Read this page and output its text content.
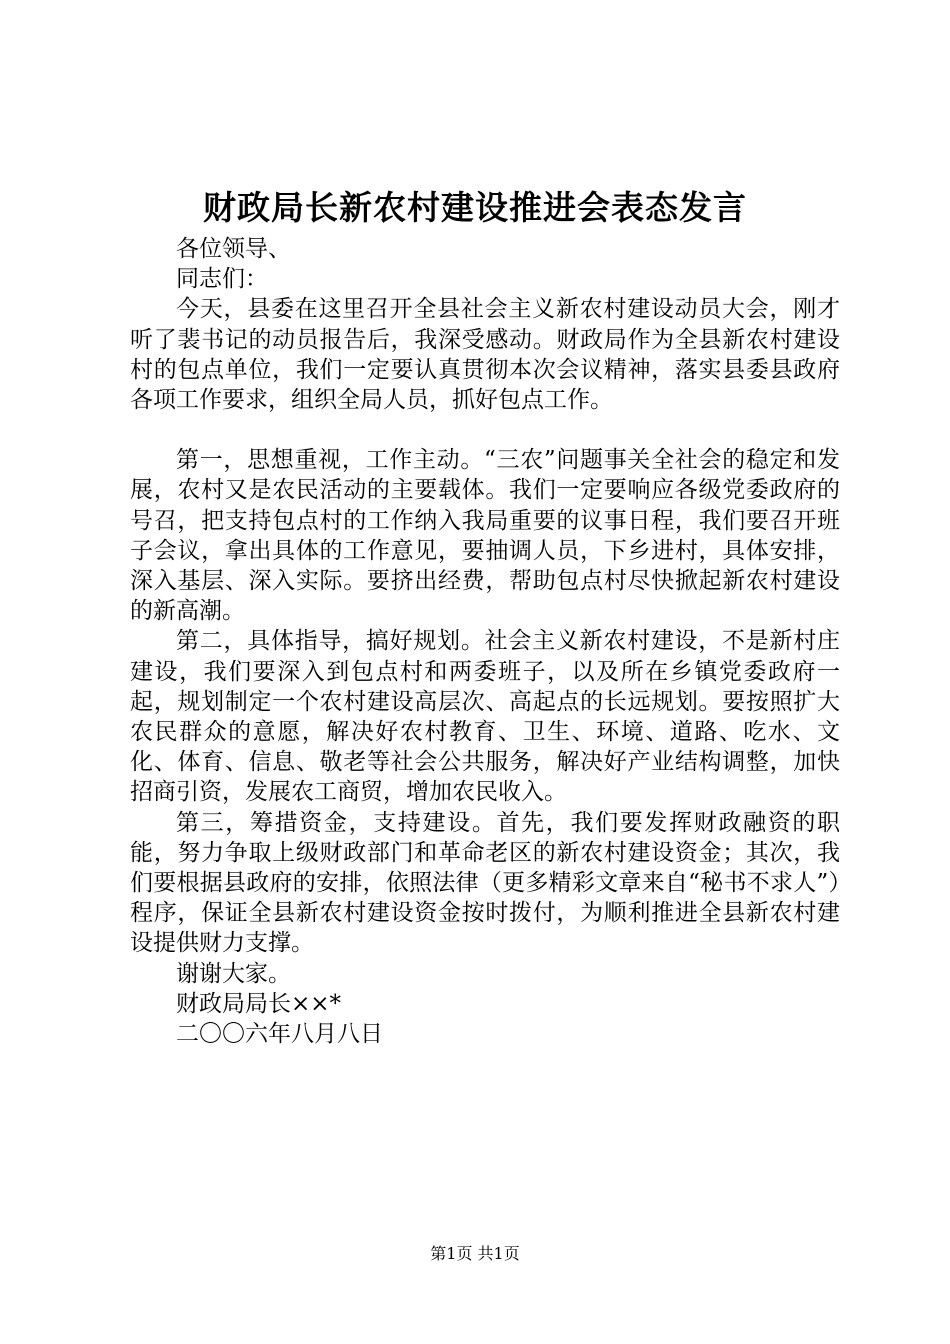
财政局长新农村建设推进会表态发言

各位领导、

同志们：

今天，县委在这里召开全县社会主义新农村建设动员大会，刚才听了裴书记的动员报告后，我深受感动。财政局作为全县新农村建设村的包点单位，我们一定要认真贯彻本次会议精神，落实县委县政府各项工作要求，组织全局人员，抓好包点工作。

第一，思想重视，工作主动。“三农”问题事关全社会的稳定和发展，农村又是农民活动的主要载体。我们一定要响应各级党委政府的号召，把支持包点村的工作纳入我局重要的议事日程，我们要召开班子会议，拿出具体的工作意见，要抽调人员，下乡进村，具体安排，深入基层、深入实际。要挤出经费，帮助包点村尽快掀起新农村建设的新高潮。

第二，具体指导，搞好规划。社会主义新农村建设，不是新村庄建设，我们要深入到包点村和两委班子，以及所在乡镇党委政府一起，规划制定一个农村建设高层次、高起点的长远规划。要按照扩大农民群众的意愿，解决好农村教育、卫生、环境、道路、吃水、文化、体育、信息、敬老等社会公共服务，解决好产业结构调整，加快招商引资，发展农工商贸，增加农民收入。

第三，筹措资金，支持建设。首先，我们要发挥财政融资的职能，努力争取上级财政部门和革命老区的新农村建设资金；其次，我们要根据县政府的安排，依照法律（更多精彩文章来自“秘书不求人”）程序，保证全县新农村建设资金按时拨付，为顺利推进全县新农村建设提供财力支撑。

谢谢大家。

财政局局长××*

二〇〇六年八月八日

第1页 共1页
